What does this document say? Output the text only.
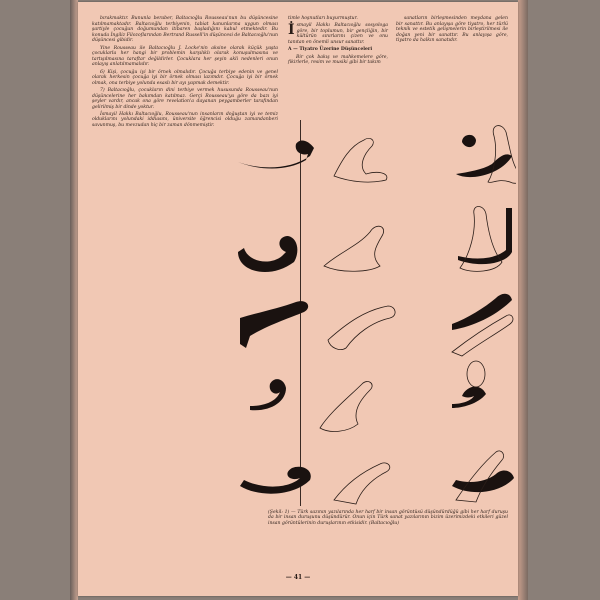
bırakmaktır. Bununla beraber, Baltacıoğlu Rousseau'nun bu düşüncesine katılmamaktadır. Baltacıoğlu terbiyenin, tabiat kanunlarına uygun olması şartiyle çocuğun doğumundan itibaren başladığını kabul etmektedir. Bu konuda İngiliz Filozoflarından Bertrand Russell'in düşüncesi de Baltacıoğlu'nun düşüncesi gibidir.

Yine Rousseau ile Baltacıoğlu J. Locke'nin aksine olarak küçük yaşta çocuklarla her hangi bir problemin karşılıklı olarak konuşulmasına ve tartışılmasına taraftar değildirler. Çocuklara her şeyin akli nedenleri onun anlayış anlatılmamalıdır.

6) Kişi, çocuğu iyi bir örnek olmalıdır. Çocuğa terbiye edenin ve genel olarak herkesin çocuğa iyi bir örnek olması lazımdır. Çocuğa iyi bir örnek olmak, ona terbiye yolunda esaslı bir ayı yapmak demektir.

7) Baltacıoğlu, çocukların dini terbiye vermek hususunda Rousseau'nun düşüncelerine her bakımdan katılmaz. Gerçi Rousseau'ya göre da bazı iyi şeyler vardır, ancak ona göre revelation'a dayanan peygamberler tarafından gelirilmiş bir dinde yoktur.

İsmayil Hakkı Baltacıoğlu, Rousseau'nun insanların doğuştan iyi ve temiz olduklarını yolundaki iddiasını, üniversite öğrencisi olduğu zamandanberi savunmuş, bu mevzudan hiç bir zaman dönmemiştir.

timle hoşnutları buyurmuştur.

İ smayil Hakkı Baltacıoğlu sosyologa göre, bir toplumun, bir gençliğin, bir kültürün sınırlarını çizen ve onu tanıtan en önemli unsur sanattır.

A — Tiyatro Üzerine Düşünceleri

Bir çok bakış ve mahkemelere göre, fikirlerle, resim ve musiki gibi bir takım

sanatların birleşmesinden meydana gelen bir sanattır. Bu anlayışa göre tiyatro, her türlü teknik ve estetik gelişmelerin birleştirilmesi ile doğan yeni bir sanattır. Bu anlayışa göre, tiyatro da halkın sanatıdır.

(Şekil: 1) — Türk sazının yazılarında her harf bir insan görüntüsü düşündürdüğü gibi her harf duruşu da bir insan duruşunu düşündürür. Onun için Türk sanat yazılarının bizim üzerimizdeki etkileri güzel insan görüntülerinin duruşlarının etkisidir. (Baltacıoğlu)
— 41 —
